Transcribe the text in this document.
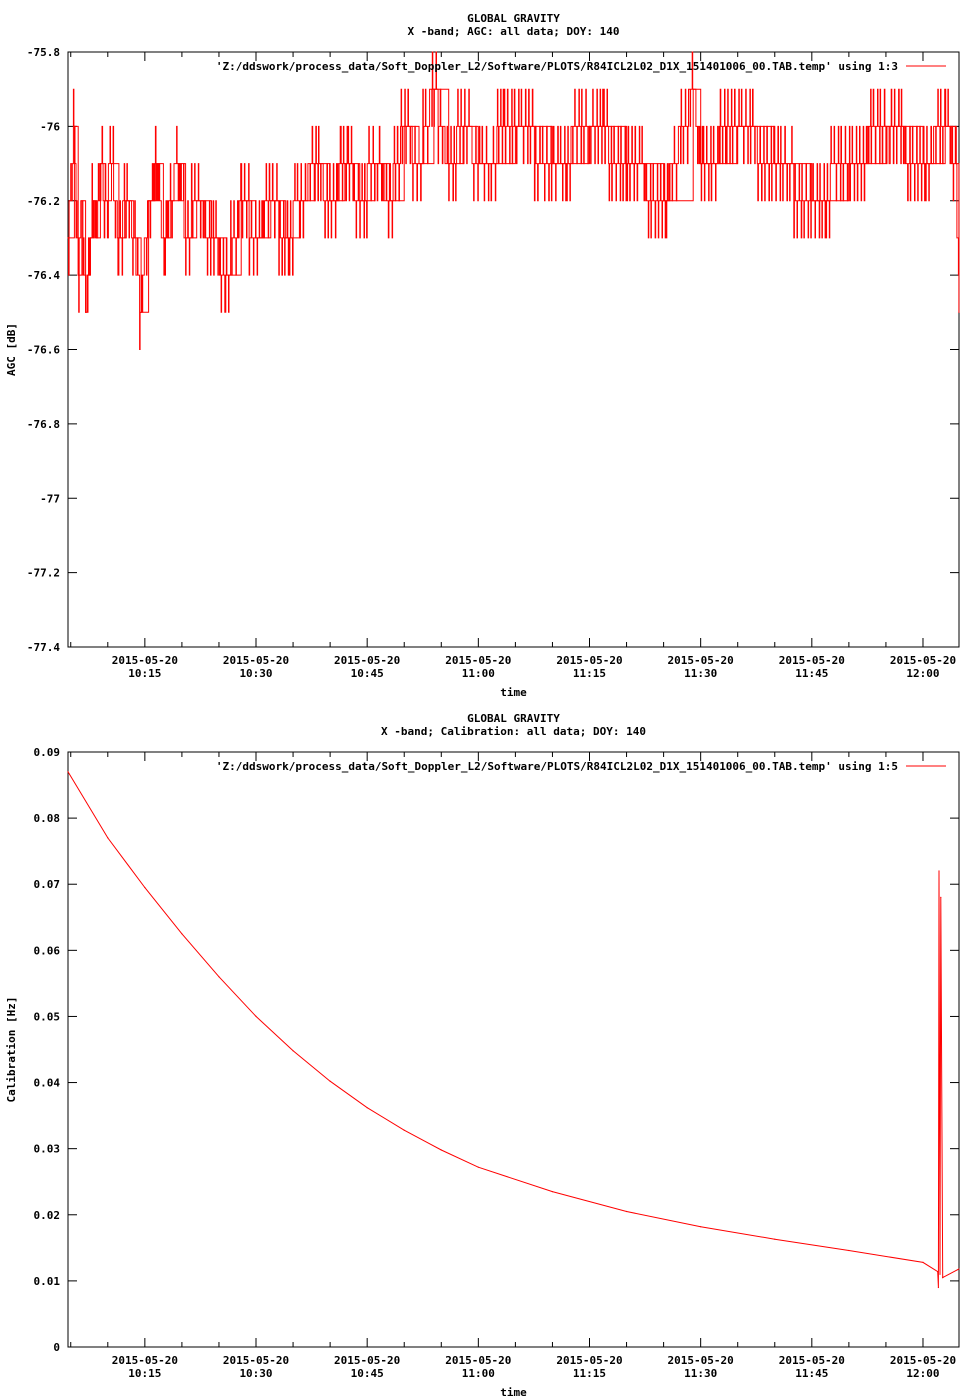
GLOBAL GRAVITY
X -band; AGC: all data; DOY: 140
-75.8
-76
-76.2
-76.4
-76.6
-76.8
-77
-77.2
-77.4
2015-05-20
10:15
2015-05-20
10:30
2015-05-20
10:45
2015-05-20
11:00
2015-05-20
11:15
2015-05-20
11:30
2015-05-20
11:45
2015-05-20
12:00
time
AGC [dB]
'Z:/ddswork/process_data/Soft_Doppler_L2/Software/PLOTS/R84ICL2L02_D1X_151401006_00.TAB.temp' using 1:3
GLOBAL GRAVITY
X -band; Calibration: all data; DOY: 140
0
0.01
0.02
0.03
0.04
0.05
0.06
0.07
0.08
0.09
2015-05-20
10:15
2015-05-20
10:30
2015-05-20
10:45
2015-05-20
11:00
2015-05-20
11:15
2015-05-20
11:30
2015-05-20
11:45
2015-05-20
12:00
time
Calibration [Hz]
'Z:/ddswork/process_data/Soft_Doppler_L2/Software/PLOTS/R84ICL2L02_D1X_151401006_00.TAB.temp' using 1:5
